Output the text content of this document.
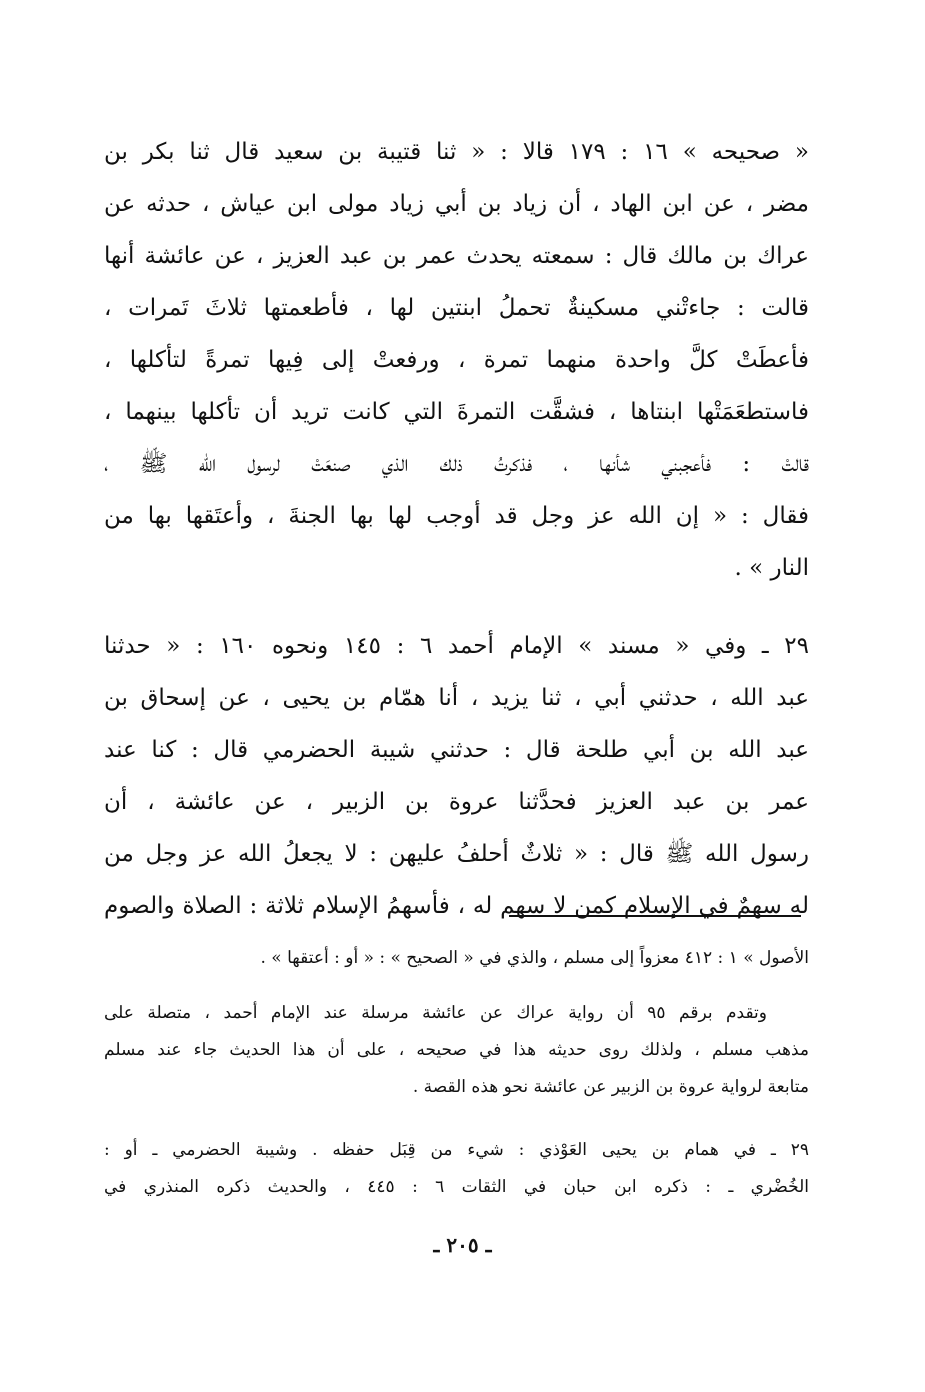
« صحيحه » ١٦ : ١٧٩ قالا : « ثنا قتيبة بن سعيد قال ثنا بكر بن
مضر ، عن ابن الهاد ، أن زياد بن أبي زياد مولى ابن عياش ، حدثه عن
عراك بن مالك قال : سمعته يحدث عمر بن عبد العزيز ، عن عائشة أنها
قالت : جاءتْني مسكينةٌ تحملُ ابنتين لها ، فأطعمتها ثلاثَ تَمرات ،
فأعطَتْ كلَّ واحدة منهما تمرة ، ورفعتْ إلى فِيها تمرةً لتأكلها ،
فاستطعَمَتْها ابنتاها ، فشقَّت التمرةَ التي كانت تريد أن تأكلها بينهما ،
قالتْ : فأعجبني شأنها ، فذكرتُ ذلك الذي صنعَتْ لرسول الله ﷺ ،
فقال : « إن الله عز وجل قد أوجب لها بها الجنةَ ، وأعتَقها بها من
النار » .
٢٩ ـ وفي « مسند » الإمام أحمد ٦ : ١٤٥ ونحوه ١٦٠ : « حدثنا
عبد الله ، حدثني أبي ، ثنا يزيد ، أنا همّام بن يحيى ، عن إسحاق بن
عبد الله بن أبي طلحة قال : حدثني شيبة الحضرمي قال : كنا عند
عمر بن عبد العزيز فحدَّثنا عروة بن الزبير ، عن عائشة ، أن
رسول الله ﷺ قال : « ثلاثٌ أحلفُ عليهن : لا يجعلُ الله عز وجل من
له سهمٌ في الإسلام كمن لا سهم له ، فأسهمُ الإسلام ثلاثة : الصلاة والصوم
الأصول » ١ : ٤١٢ معزواً إلى مسلم ، والذي في « الصحيح » : « أو : أعتقها » .
وتقدم برقم ٩٥ أن رواية عراك عن عائشة مرسلة عند الإمام أحمد ، متصلة على
مذهب مسلم ، ولذلك روى حديثه هذا في صحيحه ، على أن هذا الحديث جاء عند مسلم
متابعة لرواية عروة بن الزبير عن عائشة نحو هذه القصة .
٢٩ ـ في همام بن يحيى العَوْذي : شيء من قِبَل حفظه . وشيبة الحضرمي ـ أو :
الخُضْري ـ : ذكره ابن حبان في الثقات ٦ : ٤٤٥ ، والحديث ذكره المنذري في
ـ ٢٠٥ ـ
